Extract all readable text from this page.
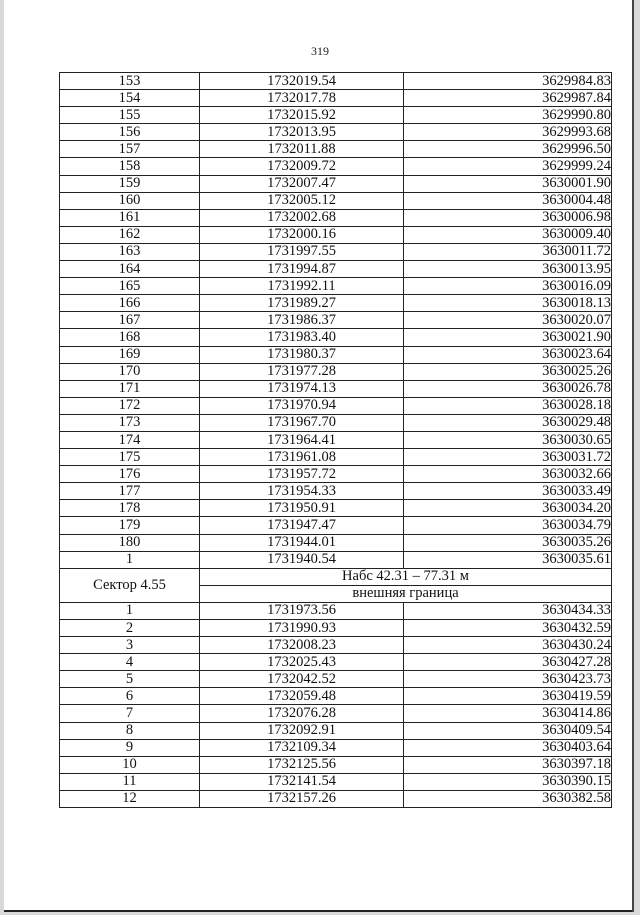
319
153	1732019.54	3629984.83
154	1732017.78	3629987.84
155	1732015.92	3629990.80
156	1732013.95	3629993.68
157	1732011.88	3629996.50
158	1732009.72	3629999.24
159	1732007.47	3630001.90
160	1732005.12	3630004.48
161	1732002.68	3630006.98
162	1732000.16	3630009.40
163	1731997.55	3630011.72
164	1731994.87	3630013.95
165	1731992.11	3630016.09
166	1731989.27	3630018.13
167	1731986.37	3630020.07
168	1731983.40	3630021.90
169	1731980.37	3630023.64
170	1731977.28	3630025.26
171	1731974.13	3630026.78
172	1731970.94	3630028.18
173	1731967.70	3630029.48
174	1731964.41	3630030.65
175	1731961.08	3630031.72
176	1731957.72	3630032.66
177	1731954.33	3630033.49
178	1731950.91	3630034.20
179	1731947.47	3630034.79
180	1731944.01	3630035.26
1	1731940.54	3630035.61
Сектор 4.55	Набс 42.31 – 77.31 м	
	внешняя граница	
1	1731973.56	3630434.33
2	1731990.93	3630432.59
3	1732008.23	3630430.24
4	1732025.43	3630427.28
5	1732042.52	3630423.73
6	1732059.48	3630419.59
7	1732076.28	3630414.86
8	1732092.91	3630409.54
9	1732109.34	3630403.64
10	1732125.56	3630397.18
11	1732141.54	3630390.15
12	1732157.26	3630382.58
